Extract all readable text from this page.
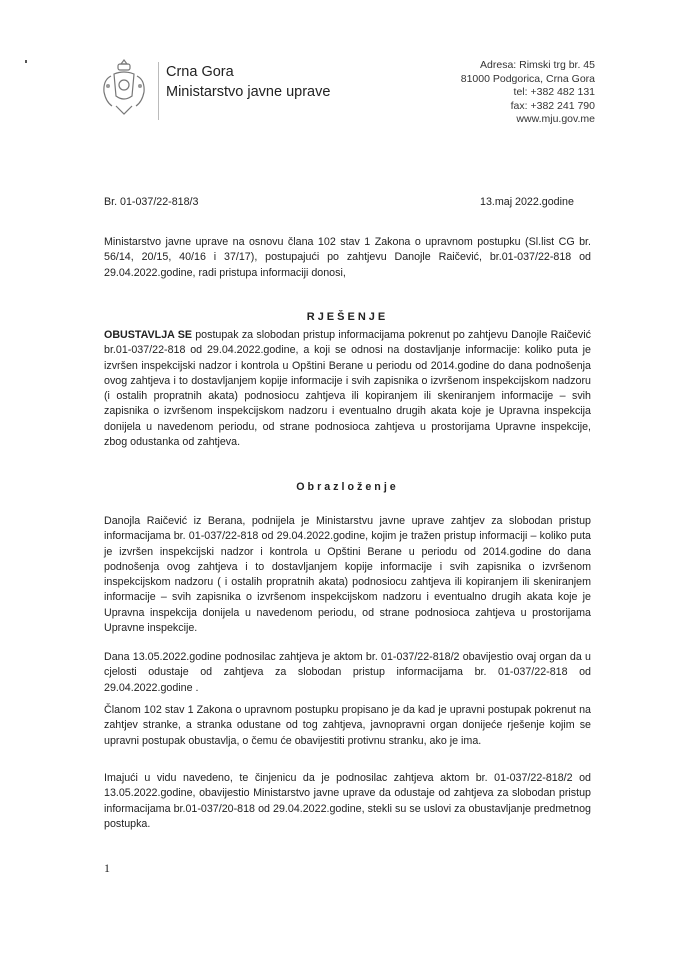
Crna Gora
Ministarstvo javne uprave
Adresa: Rimski trg br. 45
81000 Podgorica, Crna Gora
tel: +382 482 131
fax: +382 241 790
www.mju.gov.me
Br. 01-037/22-818/3	13.maj 2022.godine
Ministarstvo javne uprave na osnovu člana 102 stav 1 Zakona o upravnom postupku (Sl.list CG br. 56/14, 20/15, 40/16 i 37/17), postupajući po zahtjevu Danojle Raičević, br.01-037/22-818 od 29.04.2022.godine, radi pristupa informaciji donosi,
RJEŠENJE
OBUSTAVLJA SE postupak za slobodan pristup informacijama pokrenut po zahtjevu Danojle Raičević br.01-037/22-818 od 29.04.2022.godine, a koji se odnosi na dostavljanje informacije: koliko puta je izvršen inspekcijski nadzor i kontrola u Opštini Berane u periodu od 2014.godine do dana podnošenja ovog zahtjeva i to dostavljanjem kopije informacije i svih zapisnika o izvršenom inspekcijskom nadzoru (i ostalih propratnih akata) podnosiocu zahtjeva ili kopiranjem ili skeniranjem informacije – svih zapisnika o izvršenom inspekcijskom nadzoru i eventualno drugih akata koje je Upravna inspekcija donijela u navedenom periodu, od strane podnosioca zahtjeva u prostorijama Upravne inspekcije, zbog odustanka od zahtjeva.
Obrazloženje
Danojla Raičević iz Berana, podnijela je Ministarstvu javne uprave zahtjev za slobodan pristup informacijama br. 01-037/22-818 od 29.04.2022.godine, kojim je tražen pristup informaciji – koliko puta je izvršen inspekcijski nadzor i kontrola u Opštini Berane u periodu od 2014.godine do dana podnošenja ovog zahtjeva i to dostavljanjem kopije informacije i svih zapisnika o izvršenom inspekcijskom nadzoru ( i ostalih propratnih akata) podnosiocu zahtjeva ili kopiranjem ili skeniranjem informacije – svih zapisnika o izvršenom inspekcijskom nadzoru i eventualno drugih akata koje je Upravna inspekcija donijela u navedenom periodu, od strane podnosioca zahtjeva u prostorijama Upravne inspekcije.
Dana 13.05.2022.godine podnosilac zahtjeva je aktom br. 01-037/22-818/2 obavijestio ovaj organ da u cjelosti odustaje od zahtjeva za slobodan pristup informacijama br. 01-037/22-818 od 29.04.2022.godine .
Članom 102 stav 1 Zakona o upravnom postupku propisano je da kad je upravni postupak pokrenut na zahtjev stranke, a stranka odustane od tog zahtjeva, javnopravni organ donijeće rješenje kojim se upravni postupak obustavlja, o čemu će obavijestiti protivnu stranku, ako je ima.
Imajući u vidu navedeno, te činjenicu da je podnosilac zahtjeva aktom br. 01-037/22-818/2 od 13.05.2022.godine, obavijestio Ministarstvo javne uprave da odustaje od zahtjeva za slobodan pristup informacijama br.01-037/20-818 od 29.04.2022.godine, stekli su se uslovi za obustavljanje predmetnog postupka.
1
